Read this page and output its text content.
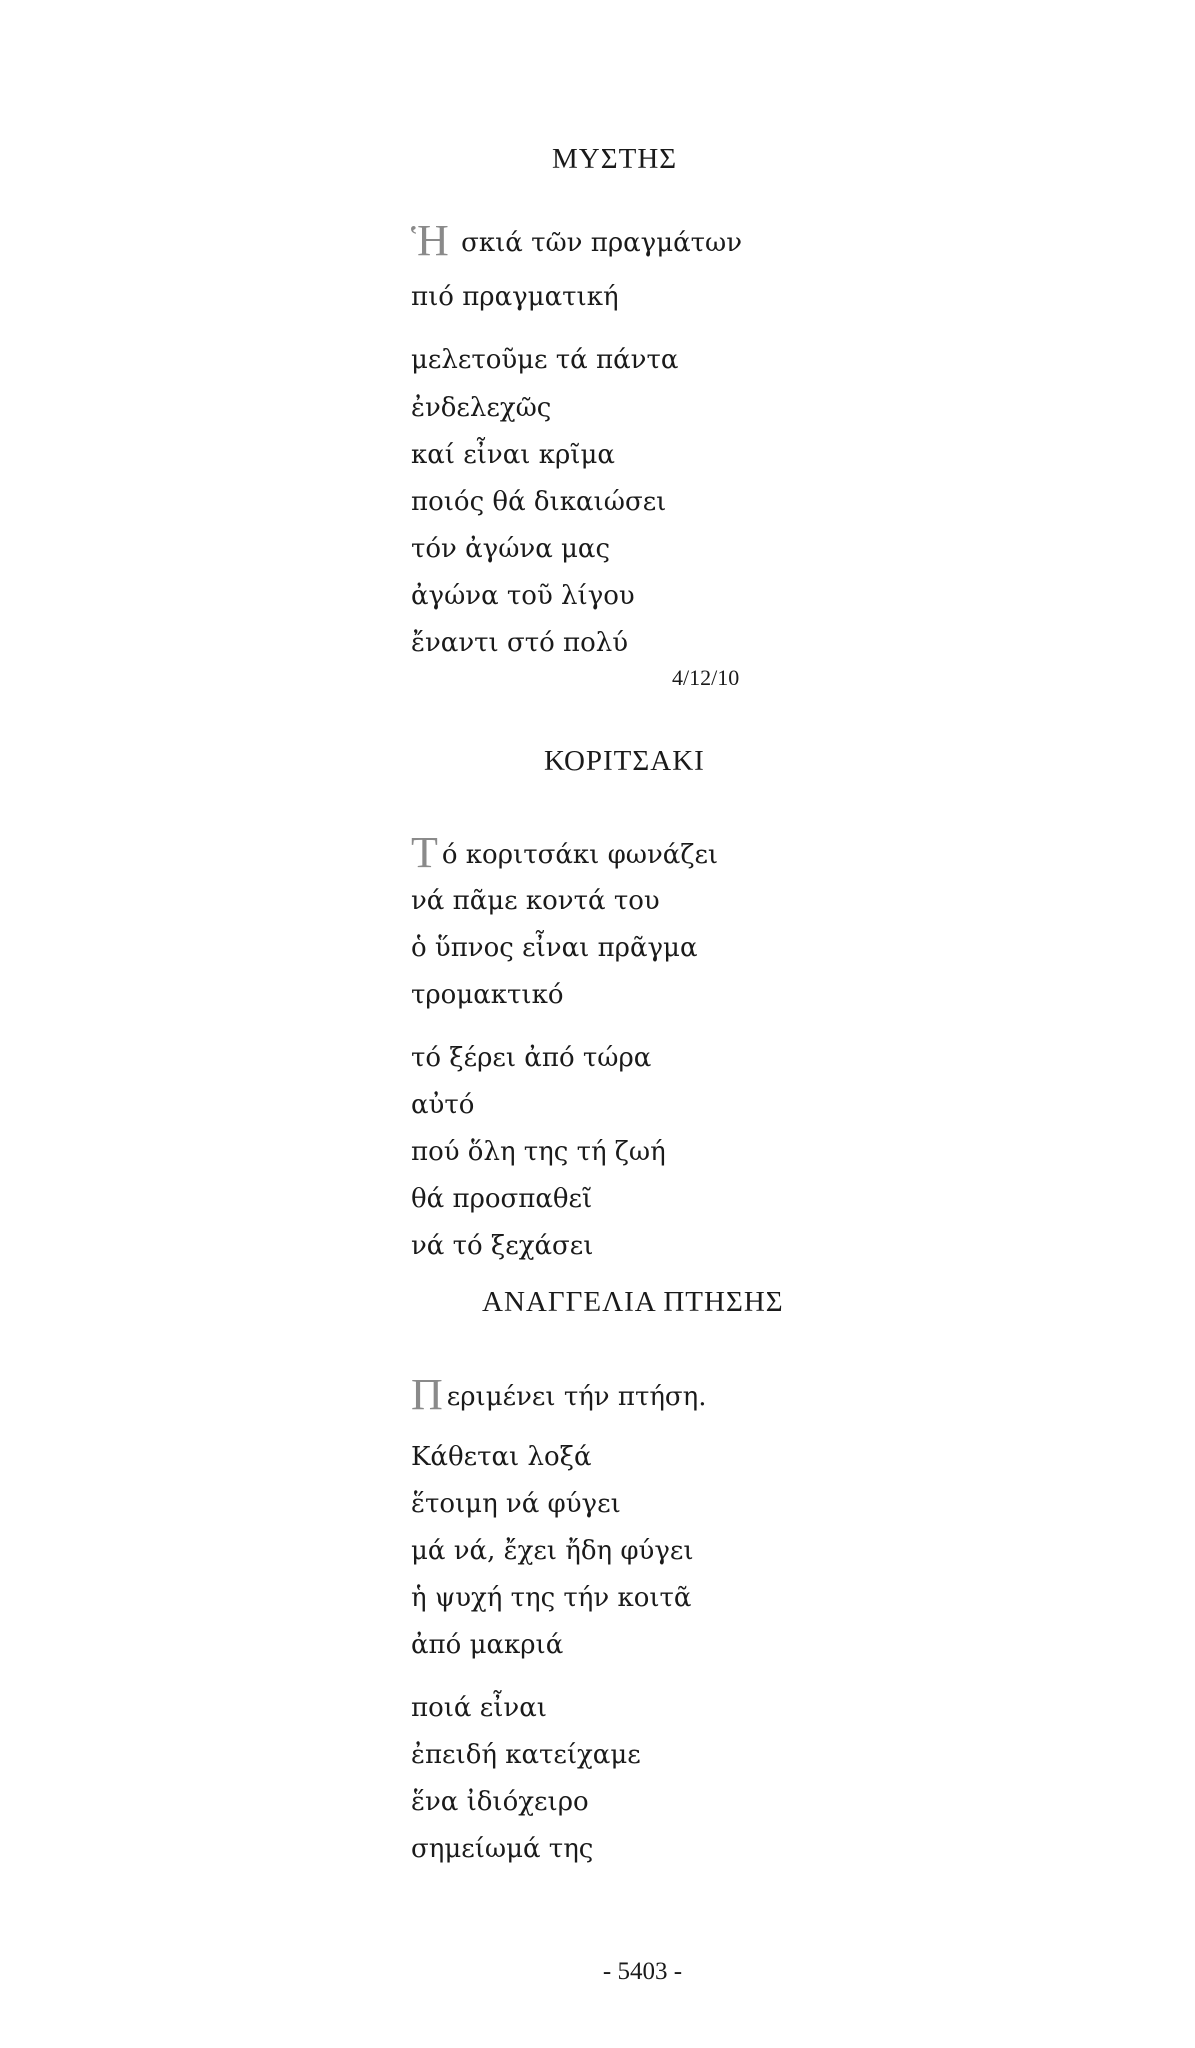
ΜΥΣΤΗΣ
Ἡ σκιά τῶν πραγμάτων
πιό πραγματική
μελετοῦμε τά πάντα
ἐνδελεχῶς
καί εἶναι κρῖμα
ποιός θά δικαιώσει
τόν ἀγώνα μας
ἀγώνα τοῦ λίγου
ἔναντι στό πολύ
4/12/10
ΚΟΡΙΤΣΑΚΙ
Τό κοριτσάκι φωνάζει
νά πᾶμε κοντά του
ὁ ὕπνος εἶναι πρᾶγμα
τρομακτικό
τό ξέρει ἀπό τώρα
αὐτό
πού ὅλη της τή ζωή
θά προσπαθεῖ
νά τό ξεχάσει
ΑΝΑΓΓΕΛΙΑ ΠΤΗΣΗΣ
Περιμένει τήν πτήση.
Κάθεται λοξά
ἕτοιμη νά φύγει
μά νά, ἔχει ἤδη φύγει
ἡ ψυχή της τήν κοιτᾶ
ἀπό μακριά
ποιά εἶναι
ἐπειδή κατείχαμε
ἕνα ἰδιόχειρο
σημείωμά της
- 5403 -
